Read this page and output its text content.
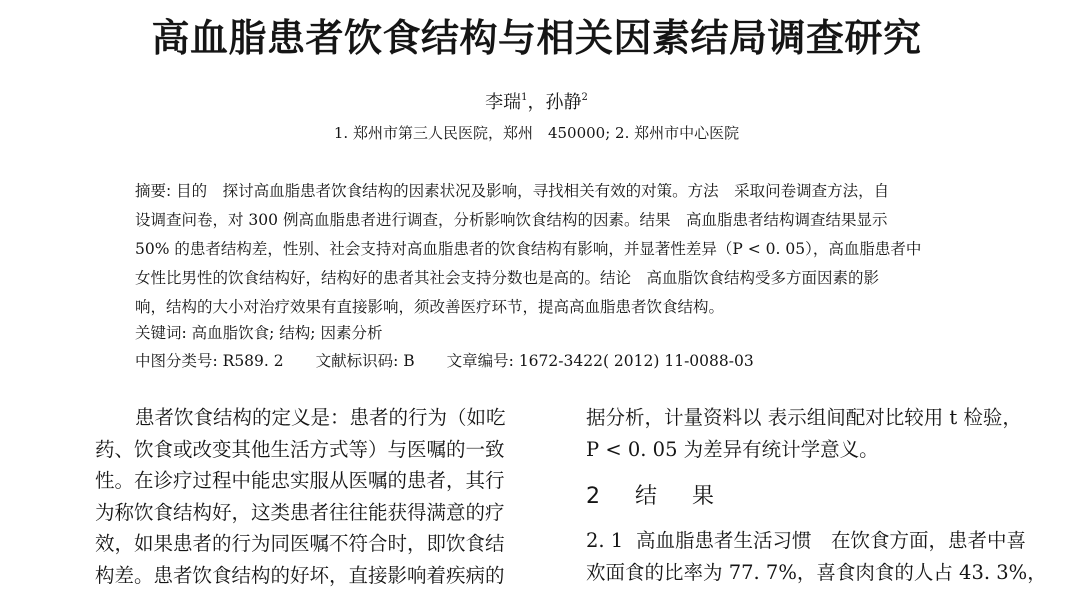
高血脂患者饮食结构与相关因素结局调查研究
李瑞$^1$，孙静$^2$
1. 郑州市第三人民医院，郑州　450000; 2. 郑州市中心医院
摘要: 目的　探讨高血脂患者饮食结构的因素状况及影响，寻找相关有效的对策。方法　采取问卷调查方法，自
设调查问卷，对 300 例高血脂患者进行调查，分析影响饮食结构的因素。结果　高血脂患者结构调查结果显示
50% 的患者结构差，性别、社会支持对高血脂患者的饮食结构有影响，并显著性差异（P < 0. 05），高血脂患者中
女性比男性的饮食结构好，结构好的患者其社会支持分数也是高的。结论　高血脂饮食结构受多方面因素的影
响，结构的大小对治疗效果有直接影响，须改善医疗环节，提高高血脂患者饮食结构。
关键词: 高血脂饮食; 结构; 因素分析
中图分类号: R589. 2 文献标识码: B 文章编号: 1672-3422( 2012) 11-0088-03
患者饮食结构的定义是：患者的行为（如吃
药、饮食或改变其他生活方式等）与医嘱的一致
性。在诊疗过程中能忠实服从医嘱的患者，其行
为称饮食结构好，这类患者往往能获得满意的疗
效，如果患者的行为同医嘱不符合时，即饮食结
构差。患者饮食结构的好坏，直接影响着疾病的
据分析，计量资料以 表示组间配对比较用 t 检验，
P < 0. 05 为差异有统计学意义。
2 结 果
2. 1 高血脂患者生活习惯　在饮食方面，患者中喜
欢面食的比率为 77. 7%，喜食肉食的人占 43. 3%，
